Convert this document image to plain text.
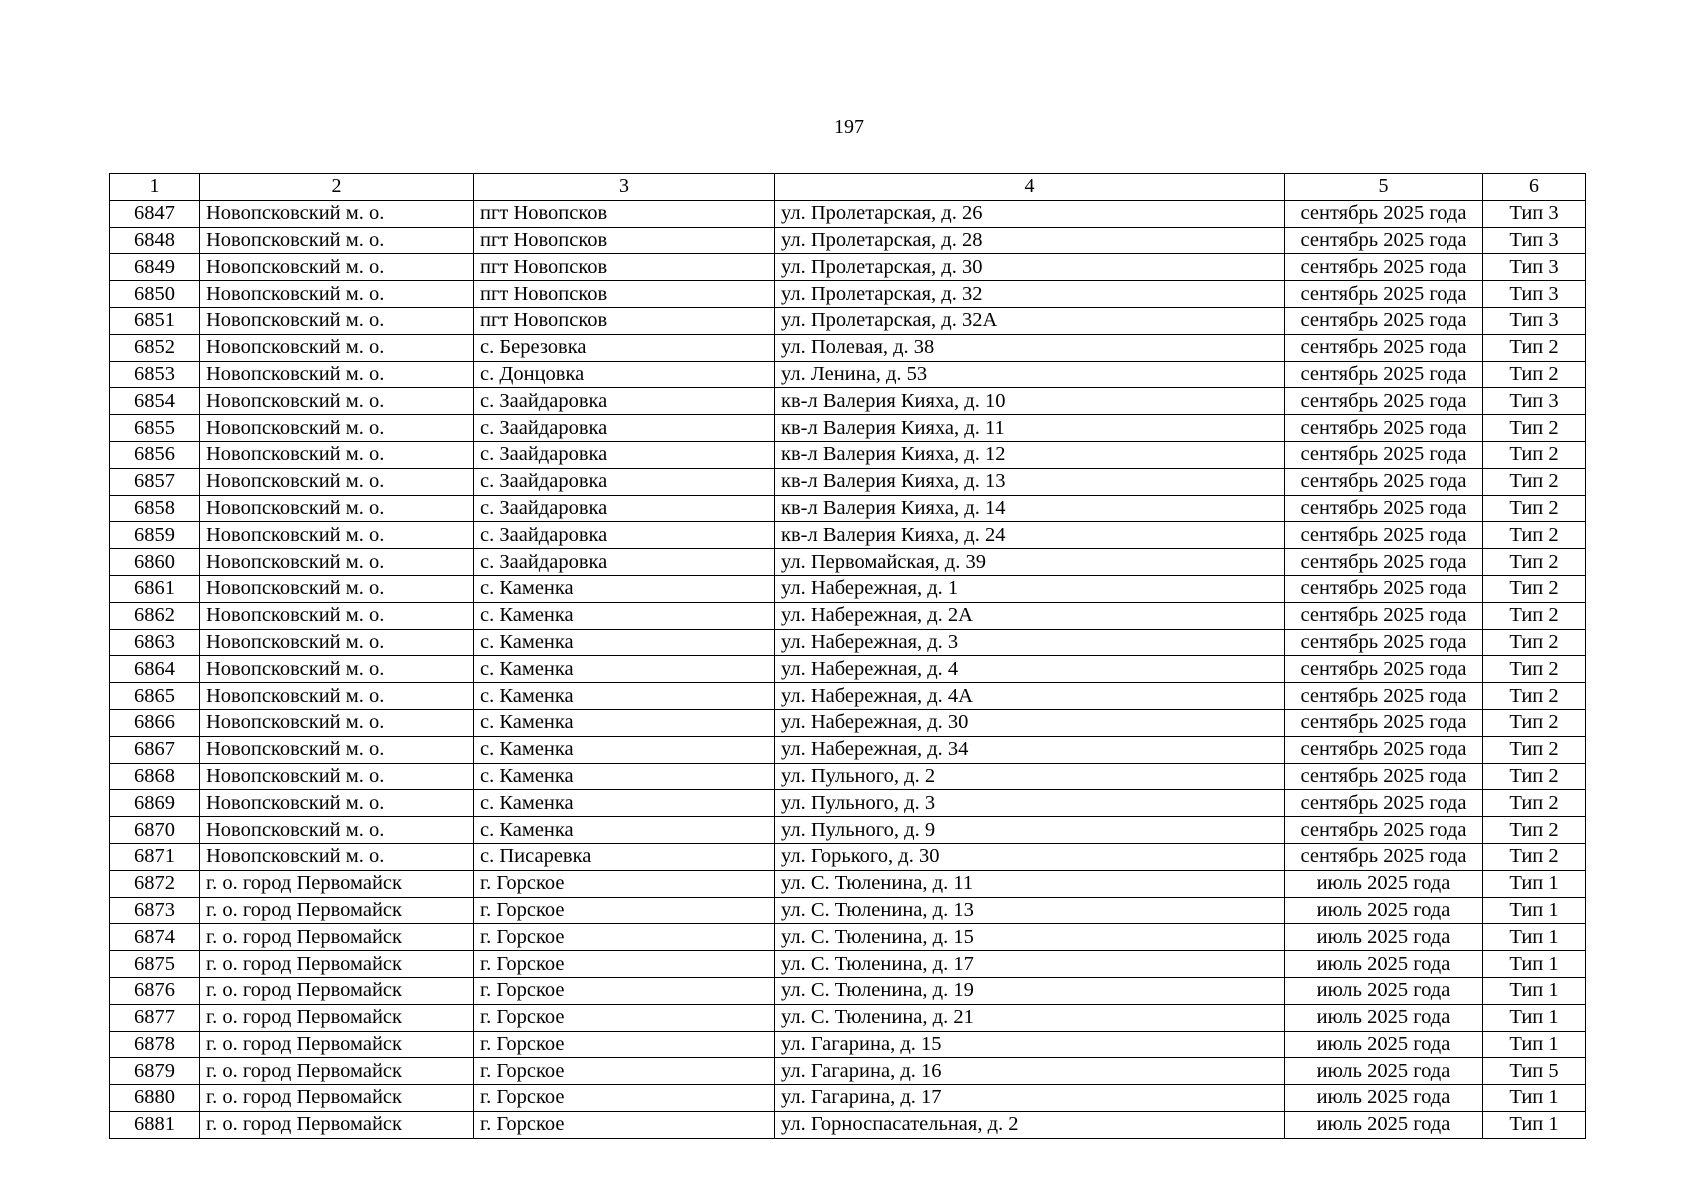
197
1	2	3	4	5	6
6847	Новопсковский м. о.	пгт Новопсков	ул. Пролетарская, д. 26	сентябрь 2025 года	Тип 3
6848	Новопсковский м. о.	пгт Новопсков	ул. Пролетарская, д. 28	сентябрь 2025 года	Тип 3
6849	Новопсковский м. о.	пгт Новопсков	ул. Пролетарская, д. 30	сентябрь 2025 года	Тип 3
6850	Новопсковский м. о.	пгт Новопсков	ул. Пролетарская, д. 32	сентябрь 2025 года	Тип 3
6851	Новопсковский м. о.	пгт Новопсков	ул. Пролетарская, д. 32А	сентябрь 2025 года	Тип 3
6852	Новопсковский м. о.	с. Березовка	ул. Полевая, д. 38	сентябрь 2025 года	Тип 2
6853	Новопсковский м. о.	с. Донцовка	ул. Ленина, д. 53	сентябрь 2025 года	Тип 2
6854	Новопсковский м. о.	с. Заайдаровка	кв-л Валерия Кияха, д. 10	сентябрь 2025 года	Тип 3
6855	Новопсковский м. о.	с. Заайдаровка	кв-л Валерия Кияха, д. 11	сентябрь 2025 года	Тип 2
6856	Новопсковский м. о.	с. Заайдаровка	кв-л Валерия Кияха, д. 12	сентябрь 2025 года	Тип 2
6857	Новопсковский м. о.	с. Заайдаровка	кв-л Валерия Кияха, д. 13	сентябрь 2025 года	Тип 2
6858	Новопсковский м. о.	с. Заайдаровка	кв-л Валерия Кияха, д. 14	сентябрь 2025 года	Тип 2
6859	Новопсковский м. о.	с. Заайдаровка	кв-л Валерия Кияха, д. 24	сентябрь 2025 года	Тип 2
6860	Новопсковский м. о.	с. Заайдаровка	ул. Первомайская, д. 39	сентябрь 2025 года	Тип 2
6861	Новопсковский м. о.	с. Каменка	ул. Набережная, д. 1	сентябрь 2025 года	Тип 2
6862	Новопсковский м. о.	с. Каменка	ул. Набережная, д. 2А	сентябрь 2025 года	Тип 2
6863	Новопсковский м. о.	с. Каменка	ул. Набережная, д. 3	сентябрь 2025 года	Тип 2
6864	Новопсковский м. о.	с. Каменка	ул. Набережная, д. 4	сентябрь 2025 года	Тип 2
6865	Новопсковский м. о.	с. Каменка	ул. Набережная, д. 4А	сентябрь 2025 года	Тип 2
6866	Новопсковский м. о.	с. Каменка	ул. Набережная, д. 30	сентябрь 2025 года	Тип 2
6867	Новопсковский м. о.	с. Каменка	ул. Набережная, д. 34	сентябрь 2025 года	Тип 2
6868	Новопсковский м. о.	с. Каменка	ул. Пульного, д. 2	сентябрь 2025 года	Тип 2
6869	Новопсковский м. о.	с. Каменка	ул. Пульного, д. 3	сентябрь 2025 года	Тип 2
6870	Новопсковский м. о.	с. Каменка	ул. Пульного, д. 9	сентябрь 2025 года	Тип 2
6871	Новопсковский м. о.	с. Писаревка	ул. Горького, д. 30	сентябрь 2025 года	Тип 2
6872	г. о. город Первомайск	г. Горское	ул. С. Тюленина, д. 11	июль 2025 года	Тип 1
6873	г. о. город Первомайск	г. Горское	ул. С. Тюленина, д. 13	июль 2025 года	Тип 1
6874	г. о. город Первомайск	г. Горское	ул. С. Тюленина, д. 15	июль 2025 года	Тип 1
6875	г. о. город Первомайск	г. Горское	ул. С. Тюленина, д. 17	июль 2025 года	Тип 1
6876	г. о. город Первомайск	г. Горское	ул. С. Тюленина, д. 19	июль 2025 года	Тип 1
6877	г. о. город Первомайск	г. Горское	ул. С. Тюленина, д. 21	июль 2025 года	Тип 1
6878	г. о. город Первомайск	г. Горское	ул. Гагарина, д. 15	июль 2025 года	Тип 1
6879	г. о. город Первомайск	г. Горское	ул. Гагарина, д. 16	июль 2025 года	Тип 5
6880	г. о. город Первомайск	г. Горское	ул. Гагарина, д. 17	июль 2025 года	Тип 1
6881	г. о. город Первомайск	г. Горское	ул. Горноспасательная, д. 2	июль 2025 года	Тип 1
